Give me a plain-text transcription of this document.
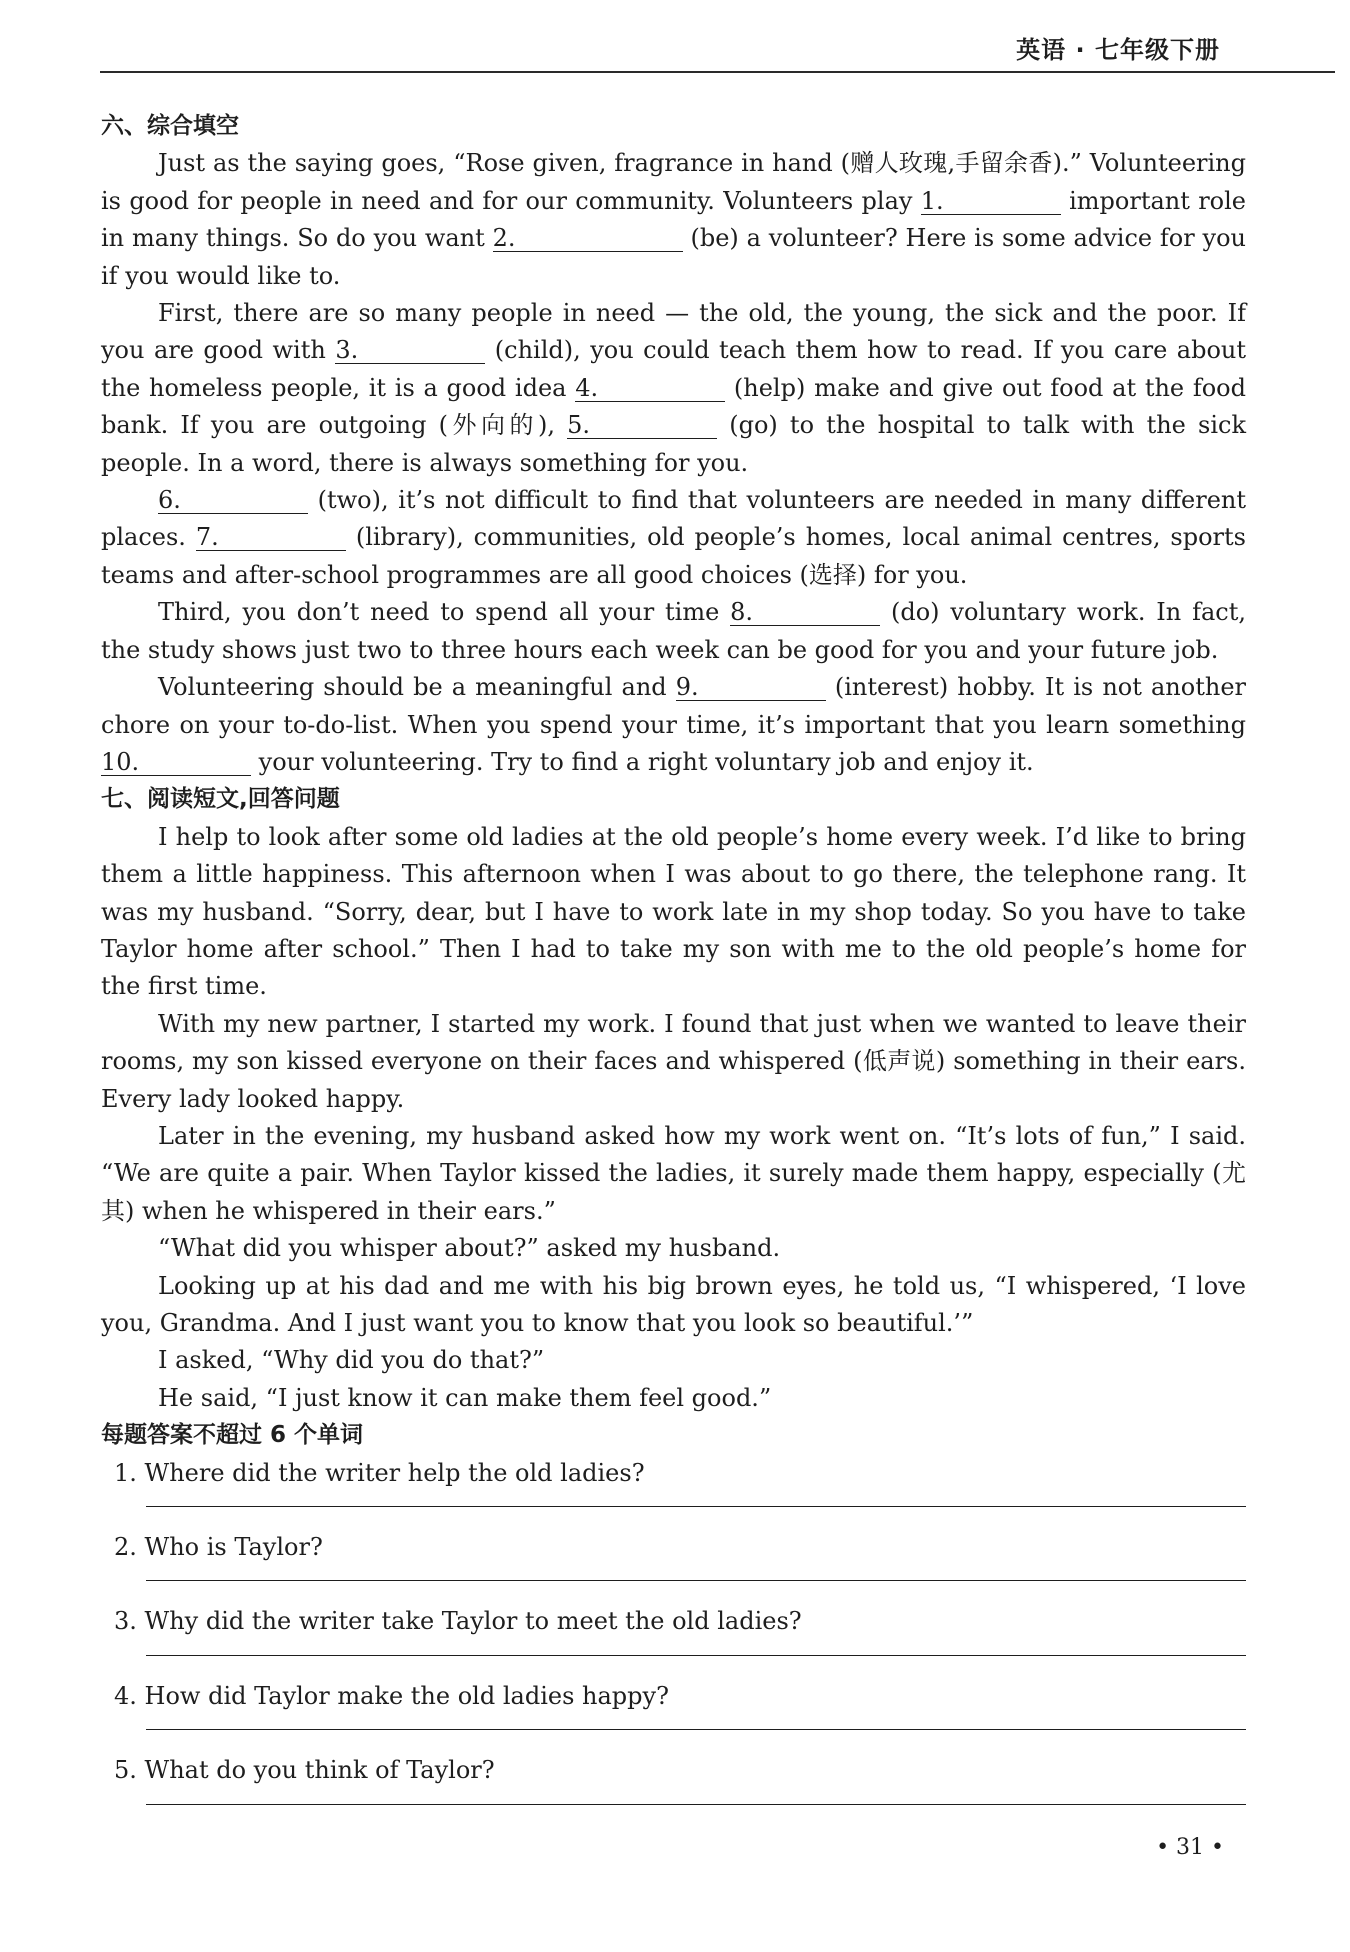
英语 · 七年级下册
六、综合填空

Just as the saying goes, “Rose given, fragrance in hand (赠人玫瑰,手留余香).” Volunteering is good for people in need and for our community. Volunteers play 1.	important role in many things. So do you want 2.	(be) a volunteer? Here is some advice for you if you would like to.

First, there are so many people in need — the old, the young, the sick and the poor. If you are good with 3.	(child), you could teach them how to read. If you care about the homeless people, it is a good idea 4.	(help) make and give out food at the food bank. If you are outgoing (外向的), 5.	(go) to the hospital to talk with the sick people. In a word, there is always something for you.

6.	(two), it’s not difficult to find that volunteers are needed in many different places. 7.	(library), communities, old people’s homes, local animal centres, sports teams and after-school programmes are all good choices (选择) for you.

Third, you don’t need to spend all your time 8.	(do) voluntary work. In fact, the study shows just two to three hours each week can be good for you and your future job.

Volunteering should be a meaningful and 9.	(interest) hobby. It is not another chore on your to-do-list. When you spend your time, it’s important that you learn something 10.	your volunteering. Try to find a right voluntary job and enjoy it.

七、阅读短文,回答问题

I help to look after some old ladies at the old people’s home every week. I’d like to bring them a little happiness. This afternoon when I was about to go there, the telephone rang. It was my husband. “Sorry, dear, but I have to work late in my shop today. So you have to take Taylor home after school.” Then I had to take my son with me to the old people’s home for the first time.

With my new partner, I started my work. I found that just when we wanted to leave their rooms, my son kissed everyone on their faces and whispered (低声说) something in their ears. Every lady looked happy.

Later in the evening, my husband asked how my work went on. “It’s lots of fun,” I said. “We are quite a pair. When Taylor kissed the ladies, it surely made them happy, especially (尤其) when he whispered in their ears.”

“What did you whisper about?” asked my husband.

Looking up at his dad and me with his big brown eyes, he told us, “I whispered, ‘I love you, Grandma. And I just want you to know that you look so beautiful.’”

I asked, “Why did you do that?”

He said, “I just know it can make them feel good.”

每题答案不超过 6 个单词

1. Where did the writer help the old ladies?

2. Who is Taylor?

3. Why did the writer take Taylor to meet the old ladies?

4. How did Taylor make the old ladies happy?

5. What do you think of Taylor?

• 31 •
